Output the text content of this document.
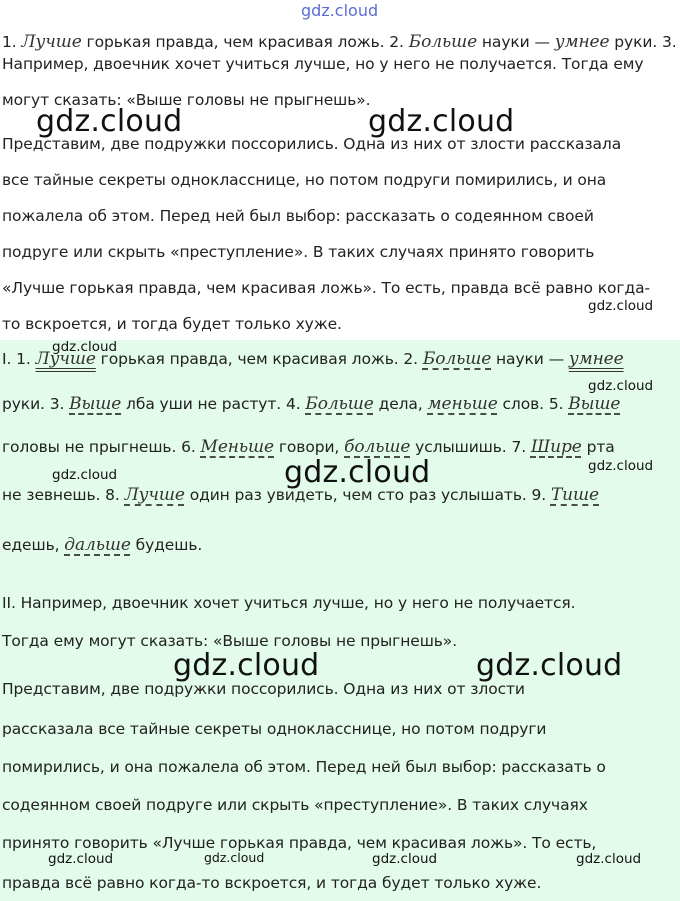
gdz.cloud
1. Лучше горькая правда, чем красивая ложь. 2. Больше науки — умнее руки. 3.
Например, двоечник хочет учиться лучше, но у него не получается. Тогда ему
могут сказать: «Выше головы не прыгнешь».
Представим, две подружки поссорились. Одна из них от злости рассказала
все тайные секреты однокласснице, но потом подруги помирились, и она
пожалела об этом. Перед ней был выбор: рассказать о содеянном своей
подруге или скрыть «преступление». В таких случаях принято говорить
«Лучше горькая правда, чем красивая ложь». То есть, правда всё равно когда-
то вскроется, и тогда будет только хуже.
I. 1. Лучше горькая правда, чем красивая ложь. 2. Больше науки — умнее
руки. 3. Выше лба уши не растут. 4. Больше дела, меньше слов. 5. Выше
головы не прыгнешь. 6. Меньше говори, больше услышишь. 7. Шире рта
не зевнешь. 8. Лучше один раз увидеть, чем сто раз услышать. 9. Тише
едешь, дальше будешь.
II. Например, двоечник хочет учиться лучше, но у него не получается.
Тогда ему могут сказать: «Выше головы не прыгнешь».
Представим, две подружки поссорились. Одна из них от злости
рассказала все тайные секреты однокласснице, но потом подруги
помирились, и она пожалела об этом. Перед ней был выбор: рассказать о
содеянном своей подруге или скрыть «преступление». В таких случаях
принято говорить «Лучше горькая правда, чем красивая ложь». То есть,
правда всё равно когда-то вскроется, и тогда будет только хуже.
gdz.cloud	gdz.cloud
gdz.cloud
gdz.cloud
gdz.cloud
gdz.cloud
gdz.cloud	gdz.cloud
gdz.cloud	gdz.cloud
gdz.cloud	gdz.cloud	gdz.cloud	gdz.cloud
